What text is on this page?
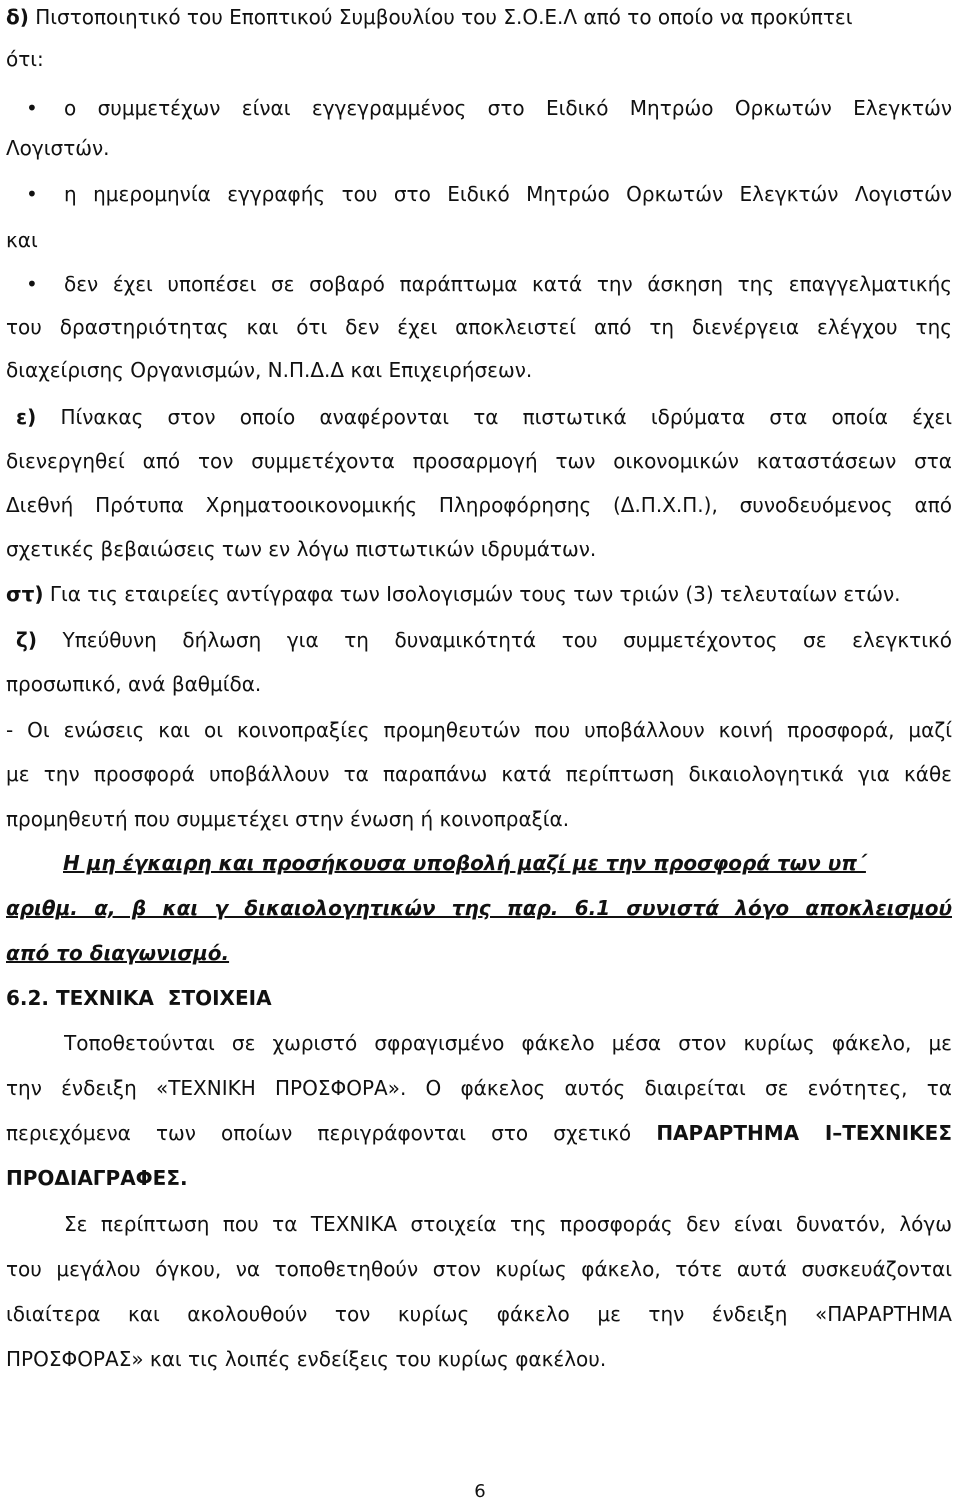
δ) Πιστοποιητικό του Εποπτικού Συμβουλίου του Σ.Ο.Ε.Λ από το οποίο να προκύπτει
ότι:
• ο συμμετέχων είναι εγγεγραμμένος στο Ειδικό Μητρώο Ορκωτών Ελεγκτών
Λογιστών.
• η ημερομηνία εγγραφής του στο Ειδικό Μητρώο Ορκωτών Ελεγκτών Λογιστών
και
• δεν έχει υποπέσει σε σοβαρό παράπτωμα κατά την άσκηση της επαγγελματικής
του δραστηριότητας και ότι δεν έχει αποκλειστεί από τη διενέργεια ελέγχου της
διαχείρισης Οργανισμών, Ν.Π.Δ.Δ και Επιχειρήσεων.
ε) Πίνακας στον οποίο αναφέρονται τα πιστωτικά ιδρύματα στα οποία έχει
διενεργηθεί από τον συμμετέχοντα προσαρμογή των οικονομικών καταστάσεων στα
Διεθνή Πρότυπα Χρηματοοικονομικής Πληροφόρησης (Δ.Π.Χ.Π.), συνοδευόμενος από
σχετικές βεβαιώσεις των εν λόγω πιστωτικών ιδρυμάτων.
στ) Για τις εταιρείες αντίγραφα των Ισολογισμών τους των τριών (3) τελευταίων ετών.
ζ) Υπεύθυνη δήλωση για τη δυναμικότητά του συμμετέχοντος σε ελεγκτικό
προσωπικό, ανά βαθμίδα.
- Οι ενώσεις και οι κοινοπραξίες προμηθευτών που υποβάλλουν κοινή προσφορά, μαζί
με την προσφορά υποβάλλουν τα παραπάνω κατά περίπτωση δικαιολογητικά για κάθε
προμηθευτή που συμμετέχει στην ένωση ή κοινοπραξία.
Η μη έγκαιρη και προσήκουσα υποβολή μαζί με την προσφορά των υπ΄
αριθμ. α, β και γ δικαιολογητικών της παρ. 6.1 συνιστά λόγο αποκλεισμού
από το διαγωνισμό.
6.2. ΤΕΧΝΙΚΑ  ΣΤΟΙΧΕΙΑ
Τοποθετούνται σε χωριστό σφραγισμένο φάκελο μέσα στον κυρίως φάκελο, με
την ένδειξη «ΤΕΧΝΙΚΗ ΠΡΟΣΦΟΡΑ». Ο φάκελος αυτός διαιρείται σε ενότητες, τα
περιεχόμενα των οποίων περιγράφονται στο σχετικό ΠΑΡΑΡΤΗΜΑ Ι–ΤΕΧΝΙΚΕΣ
ΠΡΟΔΙΑΓΡΑΦΕΣ.
Σε περίπτωση που τα ΤΕΧΝΙΚΑ στοιχεία της προσφοράς δεν είναι δυνατόν, λόγω
του μεγάλου όγκου, να τοποθετηθούν στον κυρίως φάκελο, τότε αυτά συσκευάζονται
ιδιαίτερα και ακολουθούν τον κυρίως φάκελο με την ένδειξη «ΠΑΡΑΡΤΗΜΑ
ΠΡΟΣΦΟΡΑΣ» και τις λοιπές ενδείξεις του κυρίως φακέλου.
6
